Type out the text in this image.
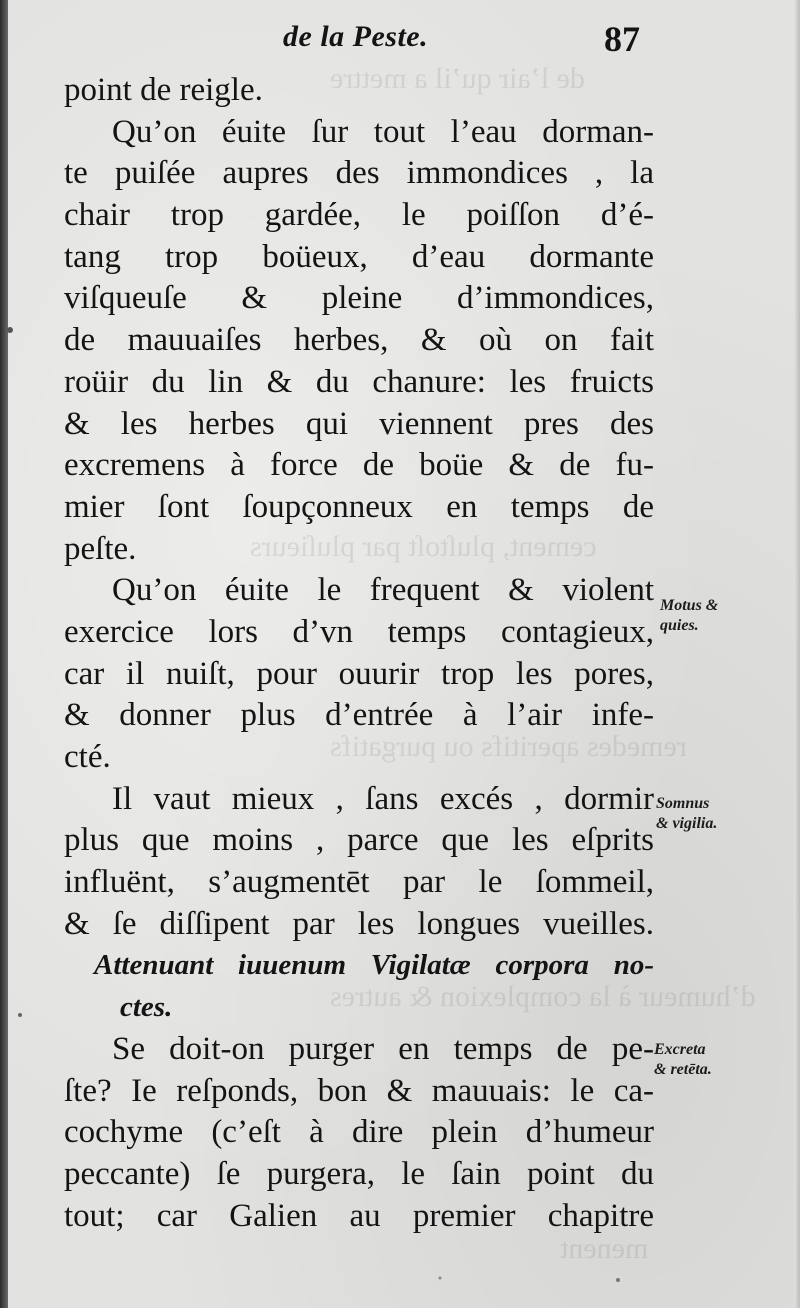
de l’air qu’il a mettre
cement, pluſtoſt par pluſieurs
remedes aperitifs ou purgatifs
d’humeur à la complexion & autres
menent
de la Peste.	87
point de reigle.
Qu’on éuite ſur tout l’eau dorman-
te puiſée aupres des immondices , la
chair trop gardée, le poiſſon d’é-
tang trop boüeux, d’eau dormante
viſqueuſe & pleine d’immondices,
de mauuaiſes herbes, & où on fait
roüir du lin & du chanure: les fruicts
& les herbes qui viennent pres des
excremens à force de boüe & de fu-
mier ſont ſoupçonneux en temps de
peſte.
Qu’on éuite le frequent & violent
exercice lors d’vn temps contagieux,
car il nuiſt, pour ouurir trop les pores,
& donner plus d’entrée à l’air infe-
cté.
Il vaut mieux , ſans excés , dormir
plus que moins , parce que les eſprits
influënt, s’augmentēt par le ſommeil,
& ſe diſſipent par les longues vueilles.
Attenuant iuuenum Vigilatæ corpora no-
ctes.
Se doit-on purger en temps de pe-
ſte? Ie reſponds, bon & mauuais: le ca-
cochyme (c’eſt à dire plein d’humeur
peccante) ſe purgera, le ſain point du
tout; car Galien au premier chapitre
Motus &
quies.
Somnus
& vigilia.
Excreta
& retēta.
